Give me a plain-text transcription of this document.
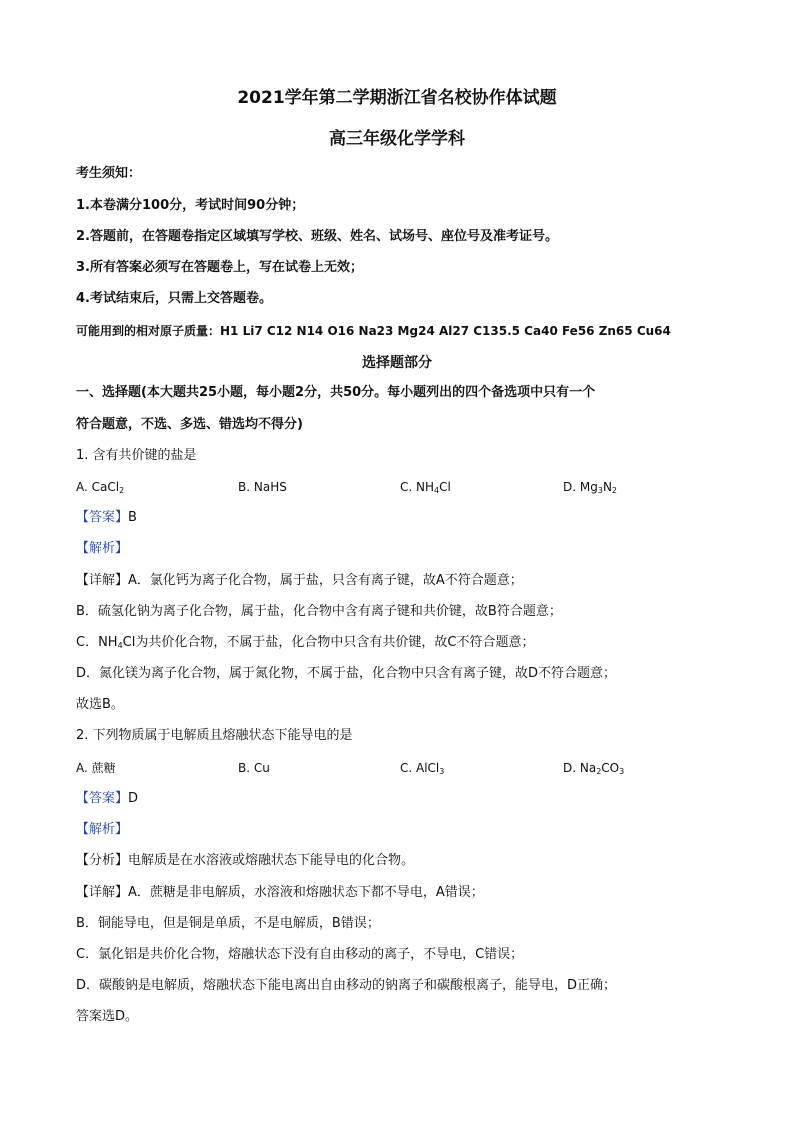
2021学年第二学期浙江省名校协作体试题
高三年级化学学科
考生须知：
1.本卷满分100分，考试时间90分钟；
2.答题前，在答题卷指定区域填写学校、班级、姓名、试场号、座位号及准考证号。
3.所有答案必须写在答题卷上，写在试卷上无效；
4.考试结束后，只需上交答题卷。
可能用到的相对原子质量：H1 Li7 C12 N14 O16 Na23 Mg24 Al27 C135.5 Ca40 Fe56 Zn65 Cu64
选择题部分
一、选择题(本大题共25小题，每小题2分，共50分。每小题列出的四个备选项中只有一个
符合题意，不选、多选、错选均不得分)
1. 含有共价键的盐是
A. CaCl$_2$	B. NaHS	C. $NH_4Cl$	D. $Mg_3N_2$
【答案】B
【解析】
【详解】A．氯化钙为离子化合物，属于盐，只含有离子键，故A不符合题意；
B．硫氢化钠为离子化合物，属于盐，化合物中含有离子键和共价键，故B符合题意；
C．$NH_4Cl$为共价化合物，不属于盐，化合物中只含有共价键，故C不符合题意；
D．氮化镁为离子化合物，属于氮化物，不属于盐，化合物中只含有离子键，故D不符合题意；
故选B。
2. 下列物质属于电解质且熔融状态下能导电的是
A. 蔗糖	B. Cu	C. AlCl$_3$	D. $Na_2CO_3$
【答案】D
【解析】
【分析】电解质是在水溶液或熔融状态下能导电的化合物。
【详解】A．蔗糖是非电解质，水溶液和熔融状态下都不导电，A错误；
B．铜能导电，但是铜是单质，不是电解质，B错误；
C．氯化铝是共价化合物，熔融状态下没有自由移动的离子，不导电，C错误；
D．碳酸钠是电解质，熔融状态下能电离出自由移动的钠离子和碳酸根离子，能导电，D正确；
答案选D。
